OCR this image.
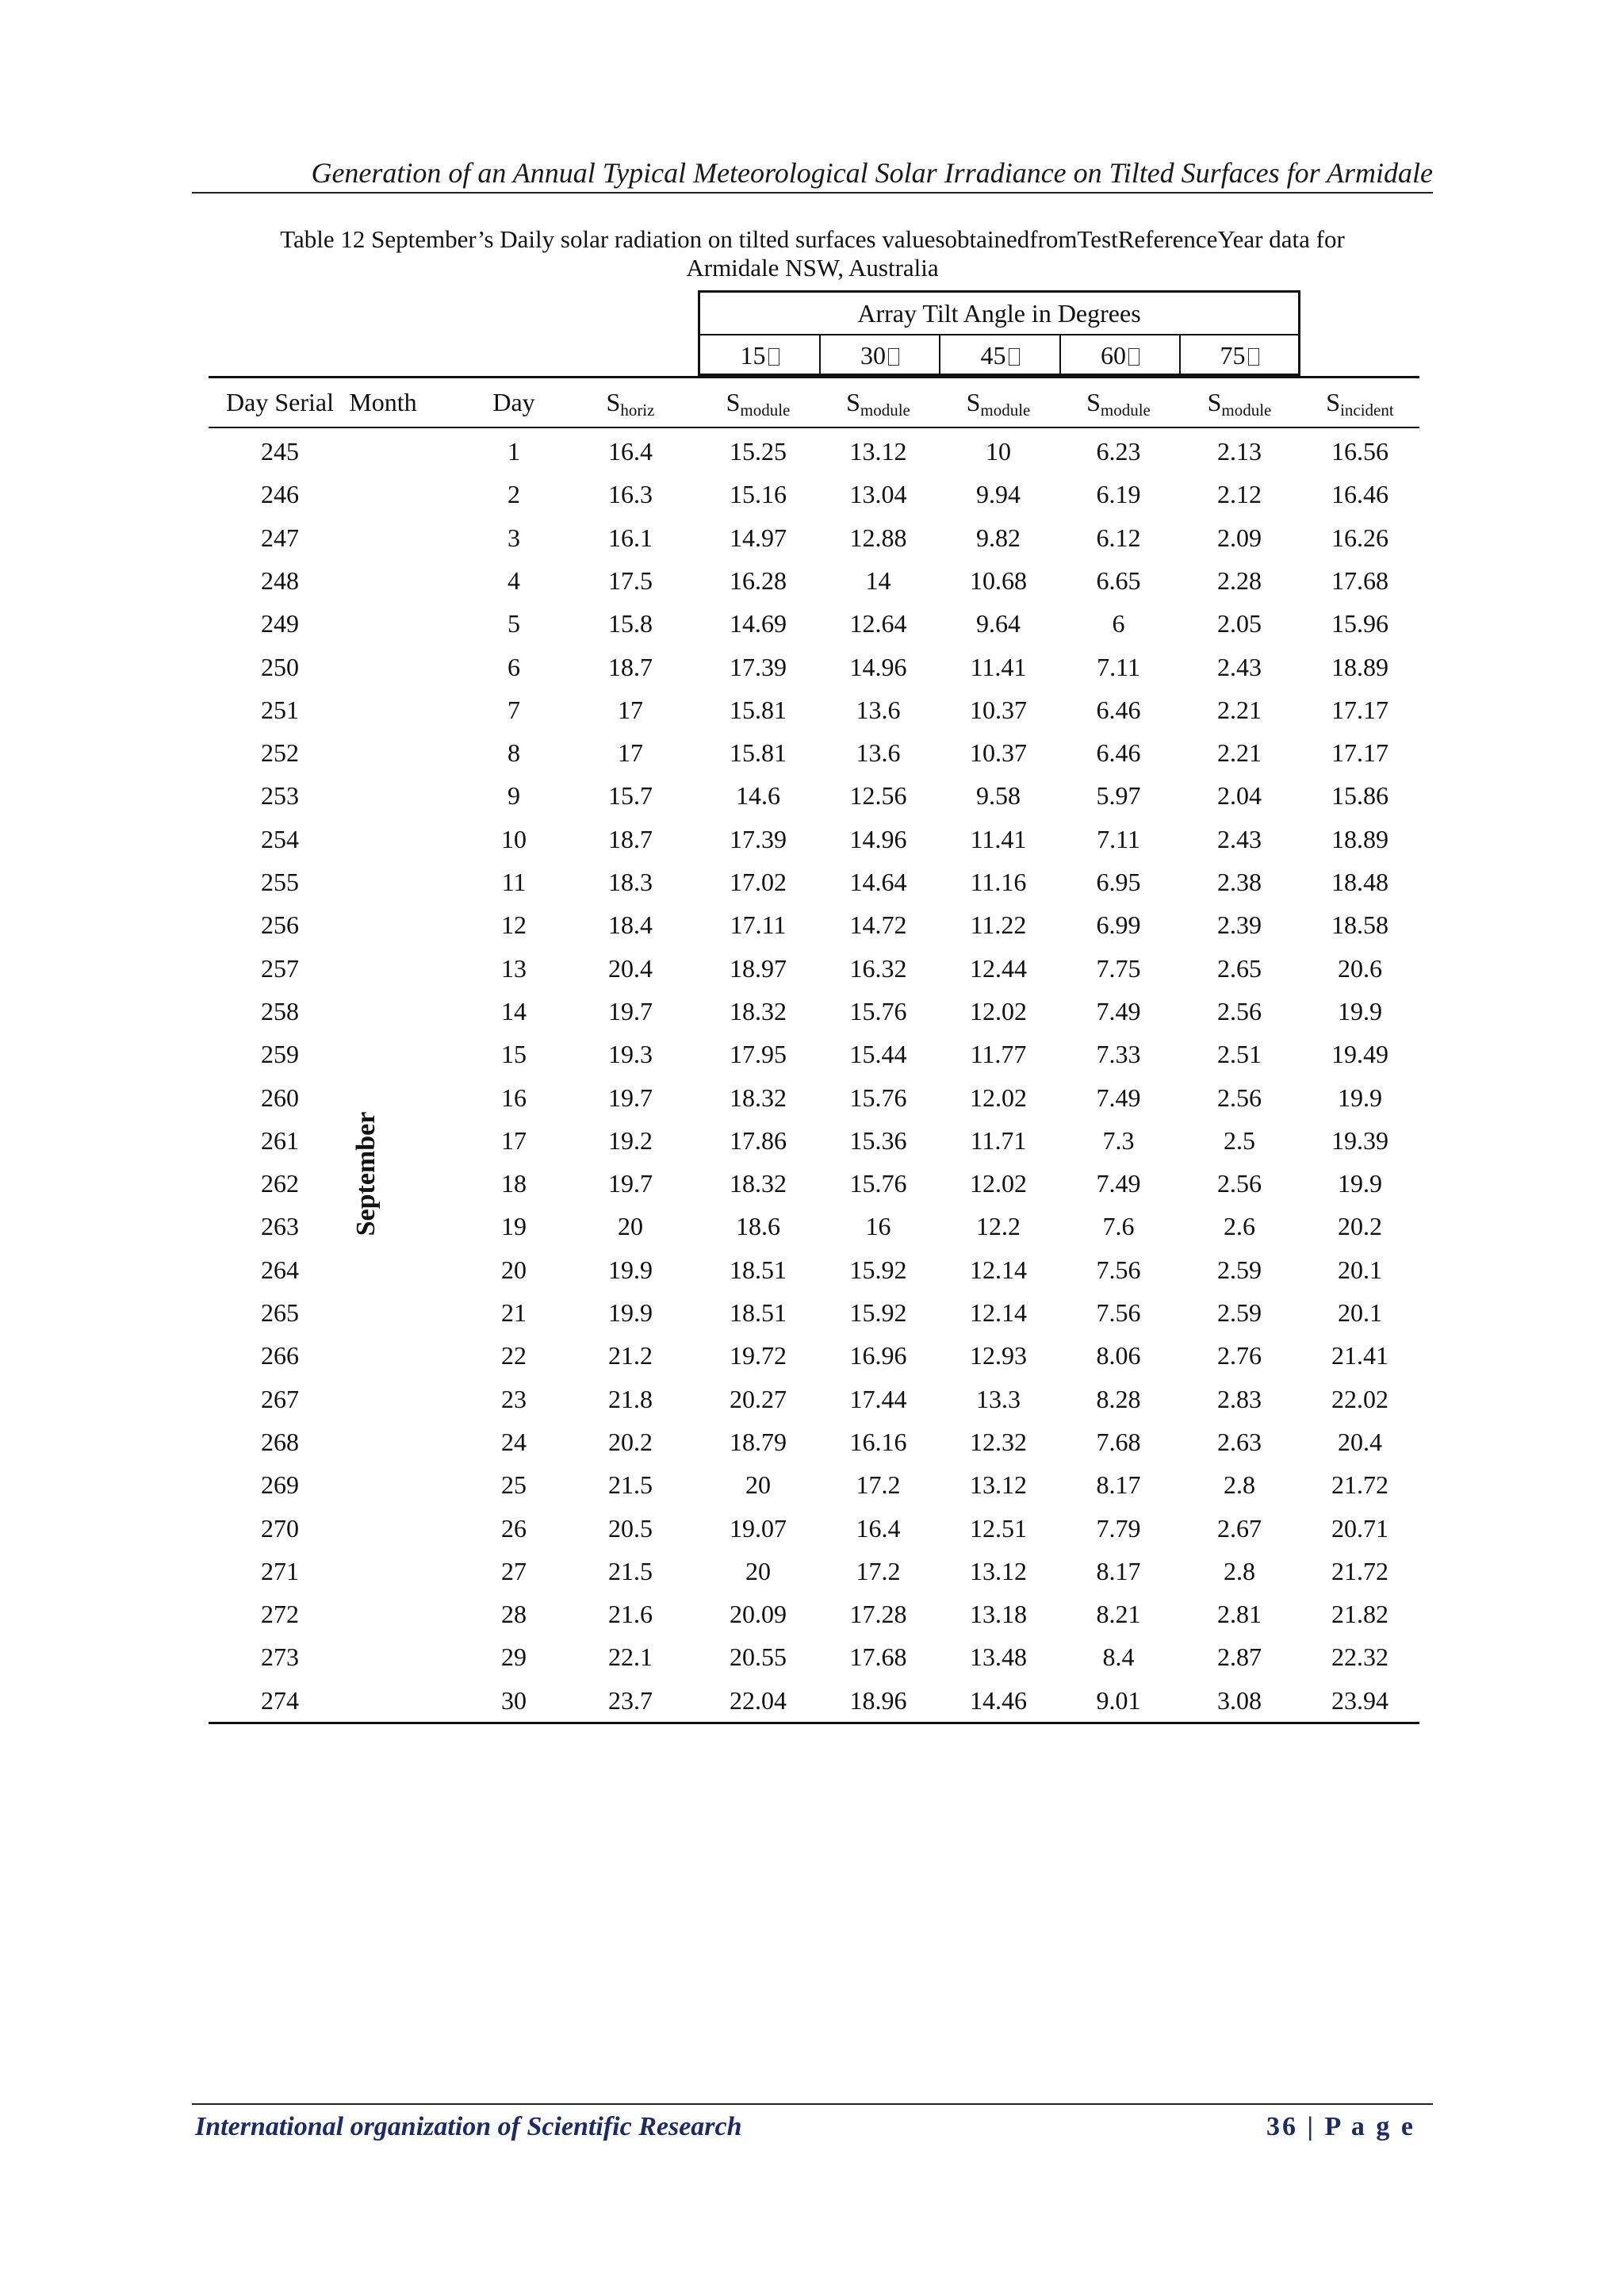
Generation of an Annual Typical Meteorological Solar Irradiance on Tilted Surfaces for Armidale
Table 12 September’s Daily solar radiation on tilted surfaces valuesobtainedfromTestReferenceYear data for
Armidale NSW, Australia
Array Tilt Angle in Degrees
15	30	45	60	75
Day Serial Month	Day	$S_{horiz}$	$S_{module}$	$S_{module}$	$S_{module}$	$S_{module}$	$S_{module}$	$S_{incident}$
245	1	16.4	15.25	13.12	10	6.23	2.13	16.56
246	2	16.3	15.16	13.04	9.94	6.19	2.12	16.46
247	3	16.1	14.97	12.88	9.82	6.12	2.09	16.26
248	4	17.5	16.28	14	10.68	6.65	2.28	17.68
249	5	15.8	14.69	12.64	9.64	6	2.05	15.96
250	6	18.7	17.39	14.96	11.41	7.11	2.43	18.89
251	7	17	15.81	13.6	10.37	6.46	2.21	17.17
252	8	17	15.81	13.6	10.37	6.46	2.21	17.17
253	9	15.7	14.6	12.56	9.58	5.97	2.04	15.86
254	10	18.7	17.39	14.96	11.41	7.11	2.43	18.89
255	11	18.3	17.02	14.64	11.16	6.95	2.38	18.48
256	12	18.4	17.11	14.72	11.22	6.99	2.39	18.58
257	13	20.4	18.97	16.32	12.44	7.75	2.65	20.6
258	14	19.7	18.32	15.76	12.02	7.49	2.56	19.9
259	15	19.3	17.95	15.44	11.77	7.33	2.51	19.49
260	16	19.7	18.32	15.76	12.02	7.49	2.56	19.9
261	17	19.2	17.86	15.36	11.71	7.3	2.5	19.39
262	18	19.7	18.32	15.76	12.02	7.49	2.56	19.9
263	19	20	18.6	16	12.2	7.6	2.6	20.2
264	20	19.9	18.51	15.92	12.14	7.56	2.59	20.1
265	21	19.9	18.51	15.92	12.14	7.56	2.59	20.1
266	22	21.2	19.72	16.96	12.93	8.06	2.76	21.41
267	23	21.8	20.27	17.44	13.3	8.28	2.83	22.02
268	24	20.2	18.79	16.16	12.32	7.68	2.63	20.4
269	25	21.5	20	17.2	13.12	8.17	2.8	21.72
270	26	20.5	19.07	16.4	12.51	7.79	2.67	20.71
271	27	21.5	20	17.2	13.12	8.17	2.8	21.72
272	28	21.6	20.09	17.28	13.18	8.21	2.81	21.82
273	29	22.1	20.55	17.68	13.48	8.4	2.87	22.32
274	30	23.7	22.04	18.96	14.46	9.01	3.08	23.94
September
International organization of Scientific Research	36 | P a g e
